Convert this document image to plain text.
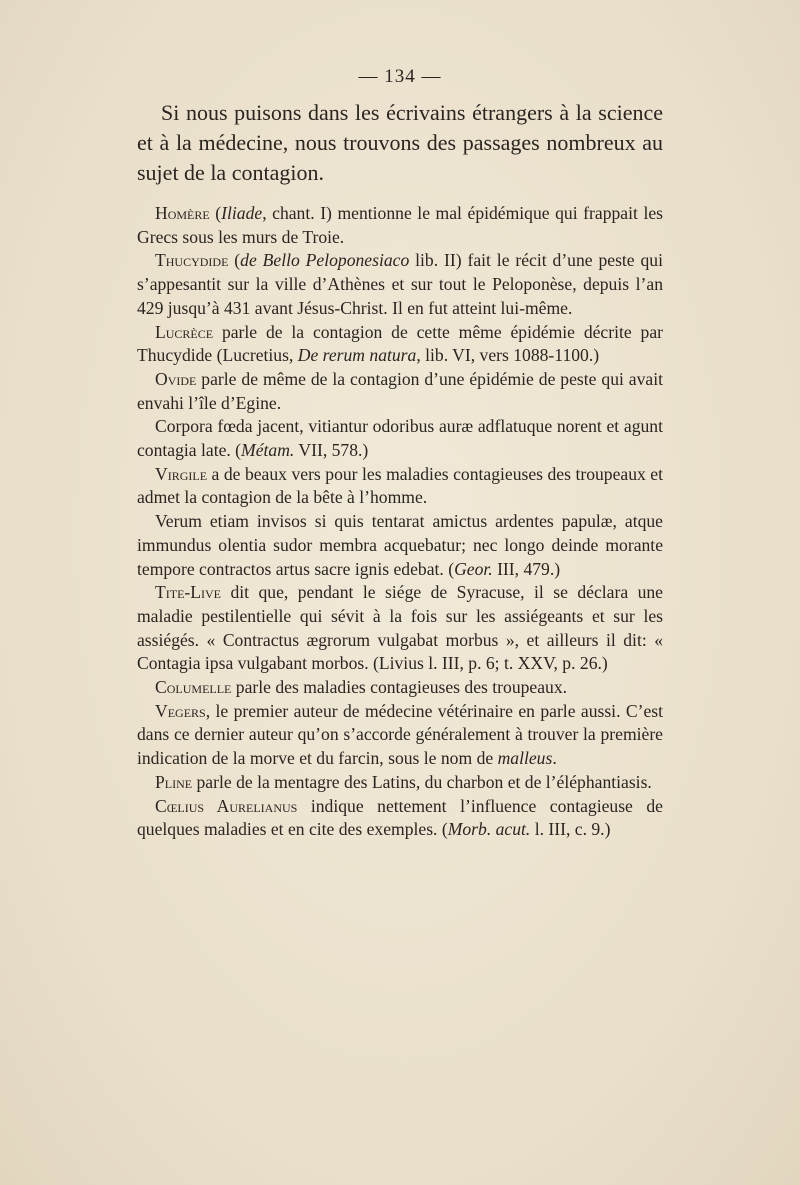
— 134 —

Si nous puisons dans les écrivains étrangers à la science et à la médecine, nous trouvons des passages nombreux au sujet de la contagion.

Homère (Iliade, chant. I) mentionne le mal épidémique qui frappait les Grecs sous les murs de Troie.

Thucydide (de Bello Peloponesiaco lib. II) fait le récit d’une peste qui s’appesantit sur la ville d’Athènes et sur tout le Peloponèse, depuis l’an 429 jusqu’à 431 avant Jésus-Christ. Il en fut atteint lui-même.

Lucrèce parle de la contagion de cette même épidémie décrite par Thucydide (Lucretius, De rerum natura, lib. VI, vers 1088-1100.)

Ovide parle de même de la contagion d’une épidémie de peste qui avait envahi l’île d’Egine.

Corpora fœda jacent, vitiantur odoribus auræ adflatuque norent et agunt contagia late. (Métam. VII, 578.)

Virgile a de beaux vers pour les maladies contagieuses des troupeaux et admet la contagion de la bête à l’homme.

Verum etiam invisos si quis tentarat amictus ardentes papulæ, atque immundus olentia sudor membra acquebatur; nec longo deinde morante tempore contractos artus sacre ignis edebat. (Geor. III, 479.)

Tite-Live dit que, pendant le siége de Syracuse, il se déclara une maladie pestilentielle qui sévit à la fois sur les assiégeants et sur les assiégés. « Contractus ægrorum vulgabat morbus », et ailleurs il dit: « Contagia ipsa vulgabant morbos. (Livius l. III, p. 6; t. XXV, p. 26.)

Columelle parle des maladies contagieuses des troupeaux.

Vegers, le premier auteur de médecine vétérinaire en parle aussi. C’est dans ce dernier auteur qu’on s’accorde généralement à trouver la première indication de la morve et du farcin, sous le nom de malleus.

Pline parle de la mentagre des Latins, du charbon et de l’éléphantiasis.

Cœlius Aurelianus indique nettement l’influence contagieuse de quelques maladies et en cite des exemples. (Morb. acut. l. III, c. 9.)
